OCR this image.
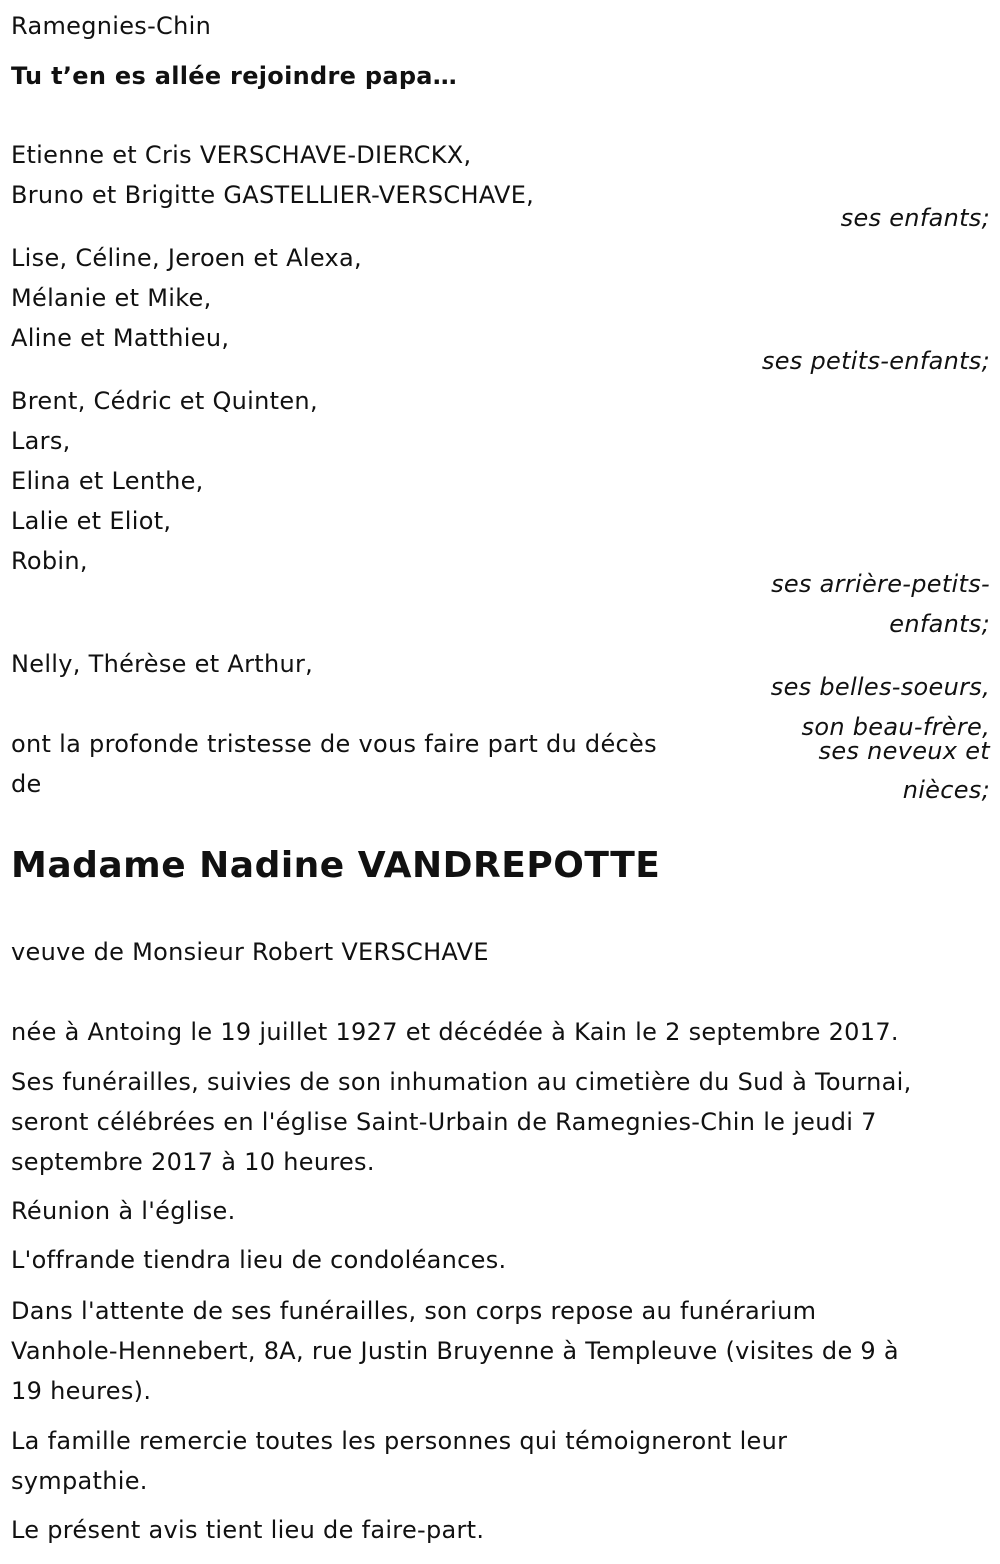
Ramegnies-Chin
Tu t’en es allée rejoindre papa…
Etienne et Cris VERSCHAVE-DIERCKX,
Bruno et Brigitte GASTELLIER-VERSCHAVE,
ses enfants;
Lise, Céline, Jeroen et Alexa,
Mélanie et Mike,
Aline et Matthieu,
ses petits-enfants;
Brent, Cédric et Quinten,
Lars,
Elina et Lenthe,
Lalie et Eliot,
Robin,
ses arrière-petits-
enfants;
Nelly, Thérèse et Arthur,
ses belles-soeurs,
son beau-frère,
ses neveux et
nièces;
ont la profonde tristesse de vous faire part du décès
de
Madame Nadine VANDREPOTTE
veuve de Monsieur Robert VERSCHAVE
née à Antoing le 19 juillet 1927 et décédée à Kain le 2 septembre 2017.
Ses funérailles, suivies de son inhumation au cimetière du Sud à Tournai,
seront célébrées en l'église Saint-Urbain de Ramegnies-Chin le jeudi 7
septembre 2017 à 10 heures.
Réunion à l'église.
L'offrande tiendra lieu de condoléances.
Dans l'attente de ses funérailles, son corps repose au funérarium
Vanhole-Hennebert, 8A, rue Justin Bruyenne à Templeuve (visites de 9 à
19 heures).
La famille remercie toutes les personnes qui témoigneront leur
sympathie.
Le présent avis tient lieu de faire-part.
